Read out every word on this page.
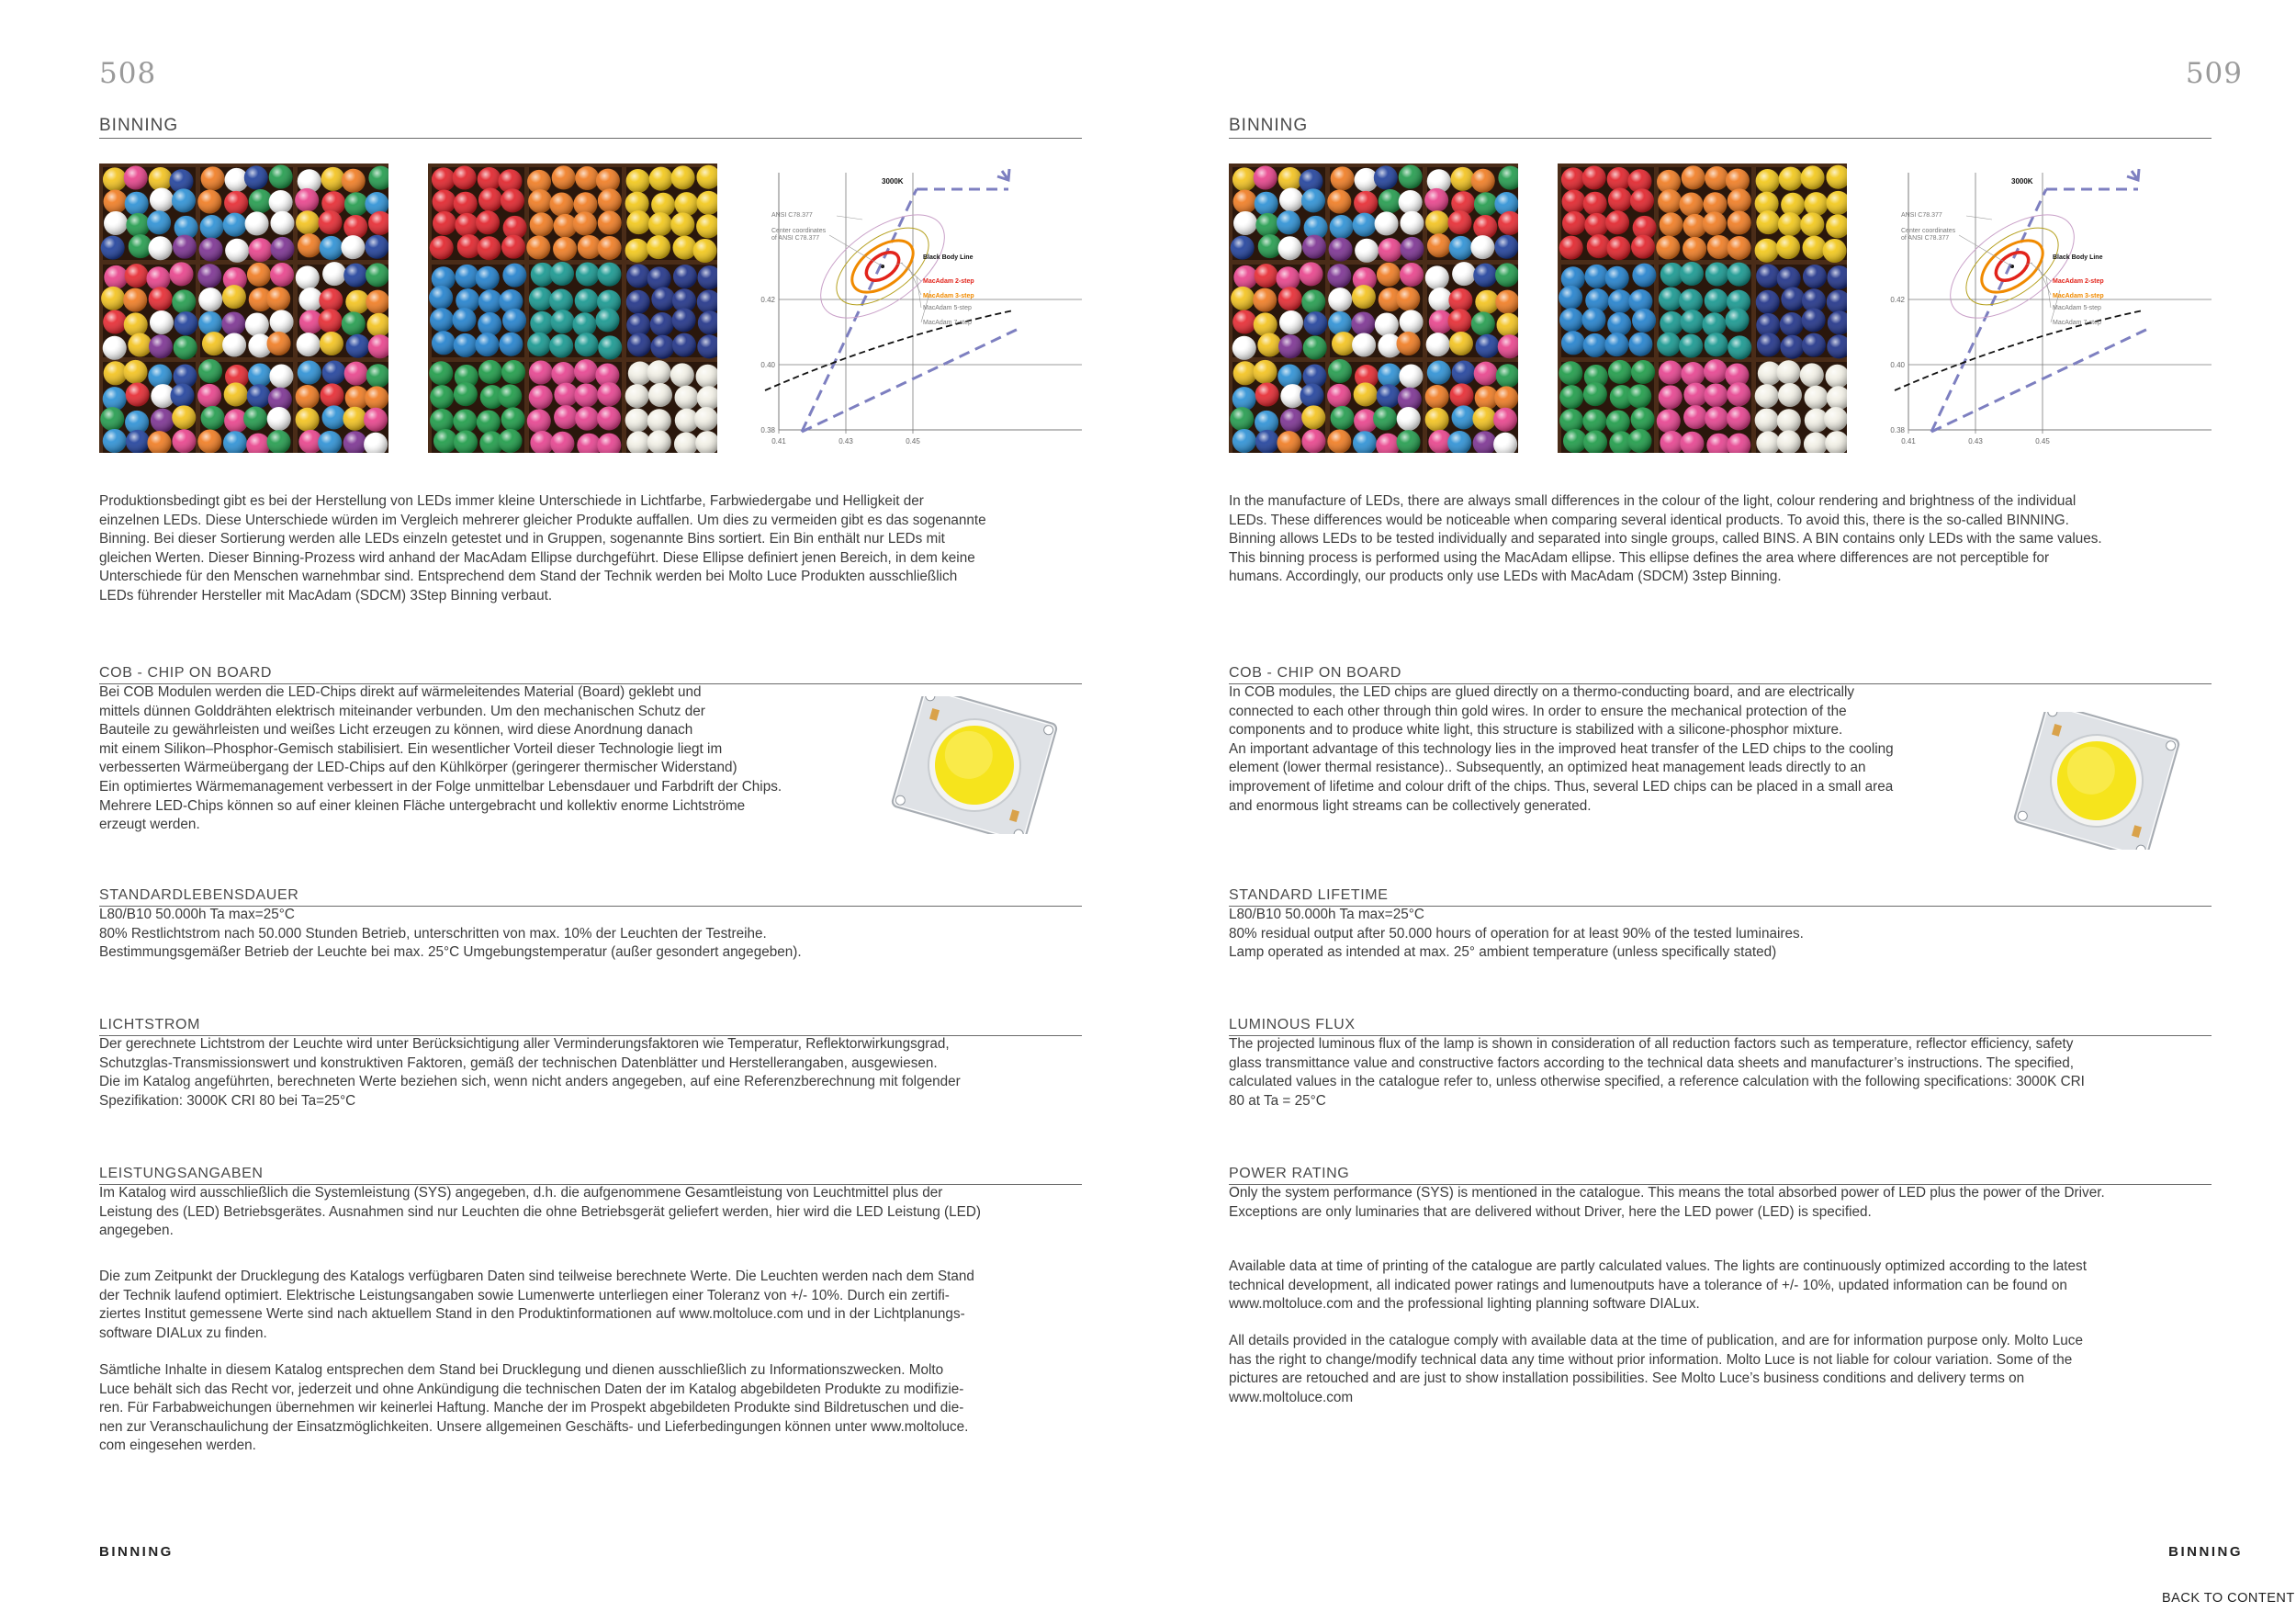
508
BINNING
0.42
0.40
0.38
0.41	0.43	0.45
3000K
ANSI C78.377
Center coordinates
of ANSI C78.377
Black Body Line
MacAdam 2-step
MacAdam 3-step
MacAdam 5-step
MacAdam 7-step

Produktionsbedingt gibt es bei der Herstellung von LEDs immer kleine Unterschiede in Lichtfarbe, Farbwiedergabe und Helligkeit der

einzelnen LEDs. Diese Unterschiede würden im Vergleich mehrerer gleicher Produkte auffallen. Um dies zu vermeiden gibt es das sogenannte

Binning. Bei dieser Sortierung werden alle LEDs einzeln getestet und in Gruppen, sogenannte Bins sortiert. Ein Bin enthält nur LEDs mit

gleichen Werten. Dieser Binning-Prozess wird anhand der MacAdam Ellipse durchgeführt. Diese Ellipse definiert jenen Bereich, in dem keine

Unterschiede für den Menschen warnehmbar sind. Entsprechend dem Stand der Technik werden bei Molto Luce Produkten ausschließlich

LEDs führender Hersteller mit MacAdam (SDCM) 3Step Binning verbaut.

COB - CHIP ON BOARD

Bei COB Modulen werden die LED-Chips direkt auf wärmeleitendes Material (Board) geklebt und

mittels dünnen Golddrähten elektrisch miteinander verbunden. Um den mechanischen Schutz der

Bauteile zu gewährleisten und weißes Licht erzeugen zu können, wird diese Anordnung danach

mit einem Silikon–Phosphor-Gemisch stabilisiert. Ein wesentlicher Vorteil dieser Technologie liegt im

verbesserten Wärmeübergang der LED-Chips auf den Kühlkörper (geringerer thermischer Widerstand)

Ein optimiertes Wärmemanagement verbessert in der Folge unmittelbar Lebensdauer und Farbdrift der Chips.

Mehrere LED-Chips können so auf einer kleinen Fläche untergebracht und kollektiv enorme Lichtströme

erzeugt werden.

STANDARDLEBENSDAUER

L80/B10 50.000h Ta max=25°C

80% Restlichtstrom nach 50.000 Stunden Betrieb, unterschritten von max. 10% der Leuchten der Testreihe.

Bestimmungsgemäßer Betrieb der Leuchte bei max. 25°C Umgebungstemperatur (außer gesondert angegeben).

LICHTSTROM

Der gerechnete Lichtstrom der Leuchte wird unter Berücksichtigung aller Verminderungsfaktoren wie Temperatur, Reflektorwirkungsgrad,

Schutzglas-Transmissionswert und konstruktiven Faktoren, gemäß der technischen Datenblätter und Herstellerangaben, ausgewiesen.

Die im Katalog angeführten, berechneten Werte beziehen sich, wenn nicht anders angegeben, auf eine Referenzberechnung mit folgender

Spezifikation: 3000K CRI 80 bei Ta=25°C

LEISTUNGSANGABEN

Im Katalog wird ausschließlich die Systemleistung (SYS) angegeben, d.h. die aufgenommene Gesamtleistung von Leuchtmittel plus der

Leistung des (LED) Betriebsgerätes. Ausnahmen sind nur Leuchten die ohne Betriebsgerät geliefert werden, hier wird die LED Leistung (LED)

angegeben.

Die zum Zeitpunkt der Drucklegung des Katalogs verfügbaren Daten sind teilweise berechnete Werte. Die Leuchten werden nach dem Stand

der Technik laufend optimiert. Elektrische Leistungsangaben sowie Lumenwerte unterliegen einer Toleranz von +/- 10%. Durch ein zertifi-

ziertes Institut gemessene Werte sind nach aktuellem Stand in den Produktinformationen auf www.moltoluce.com und in der Lichtplanungs-

software DIALux zu finden.

Sämtliche Inhalte in diesem Katalog entsprechen dem Stand bei Drucklegung und dienen ausschließlich zu Informationszwecken. Molto

Luce behält sich das Recht vor, jederzeit und ohne Ankündigung die technischen Daten der im Katalog abgebildeten Produkte zu modifizie-

ren. Für Farbabweichungen übernehmen wir keinerlei Haftung. Manche der im Prospekt abgebildeten Produkte sind Bildretuschen und die-

nen zur Veranschaulichung der Einsatzmöglichkeiten. Unsere allgemeinen Geschäfts- und Lieferbedingungen können unter www.moltoluce.

com eingesehen werden.

BINNING
509
BINNING
0.42
0.40
0.38
0.41	0.43	0.45
3000K
ANSI C78.377
Center coordinates
of ANSI C78.377
Black Body Line
MacAdam 2-step
MacAdam 3-step
MacAdam 5-step
MacAdam 7-step

In the manufacture of LEDs, there are always small differences in the colour of the light, colour rendering and brightness of the individual

LEDs. These differences would be noticeable when comparing several identical products. To avoid this, there is the so-called BINNING.

Binning allows LEDs to be tested individually and separated into single groups, called BINS. A BIN contains only LEDs with the same values.

This binning process is performed using the MacAdam ellipse. This ellipse defines the area where differences are not perceptible for

humans. Accordingly, our products only use LEDs with MacAdam (SDCM) 3step Binning.

COB - CHIP ON BOARD

In COB modules, the LED chips are glued directly on a thermo-conducting board, and are electrically

connected to each other through thin gold wires. In order to ensure the mechanical protection of the

components and to produce white light, this structure is stabilized with a silicone-phosphor mixture.

An important advantage of this technology lies in the improved heat transfer of the LED chips to the cooling

element (lower thermal resistance).. Subsequently, an optimized heat management leads directly to an

improvement of lifetime and colour drift of the chips. Thus, several LED chips can be placed in a small area

and enormous light streams can be collectively generated.

STANDARD LIFETIME

L80/B10 50.000h Ta max=25°C

80% residual output after 50.000 hours of operation for at least 90% of the tested luminaires.

Lamp operated as intended at max. 25° ambient temperature (unless specifically stated)

LUMINOUS FLUX

The projected luminous flux of the lamp is shown in consideration of all reduction factors such as temperature, reflector efficiency, safety

glass transmittance value and constructive factors according to the technical data sheets and manufacturer’s instructions. The specified,

calculated values in the catalogue refer to, unless otherwise specified, a reference calculation with the following specifications: 3000K CRI

80 at Ta = 25°C

POWER RATING

Only the system performance (SYS) is mentioned in the catalogue. This means the total absorbed power of LED plus the power of the Driver.

Exceptions are only luminaries that are delivered without Driver, here the LED power (LED) is specified.

Available data at time of printing of the catalogue are partly calculated values. The lights are continuously optimized according to the latest

technical development, all indicated power ratings and lumenoutputs have a tolerance of +/- 10%, updated information can be found on

www.moltoluce.com and the professional lighting planning software DIALux.

All details provided in the catalogue comply with available data at the time of publication, and are for information purpose only. Molto Luce

has the right to change/modify technical data any time without prior information. Molto Luce is not liable for colour variation. Some of the

pictures are retouched and are just to show installation possibilities. See Molto Luce’s business conditions and delivery terms on

www.moltoluce.com

BINNING
BACK TO CONTENT
